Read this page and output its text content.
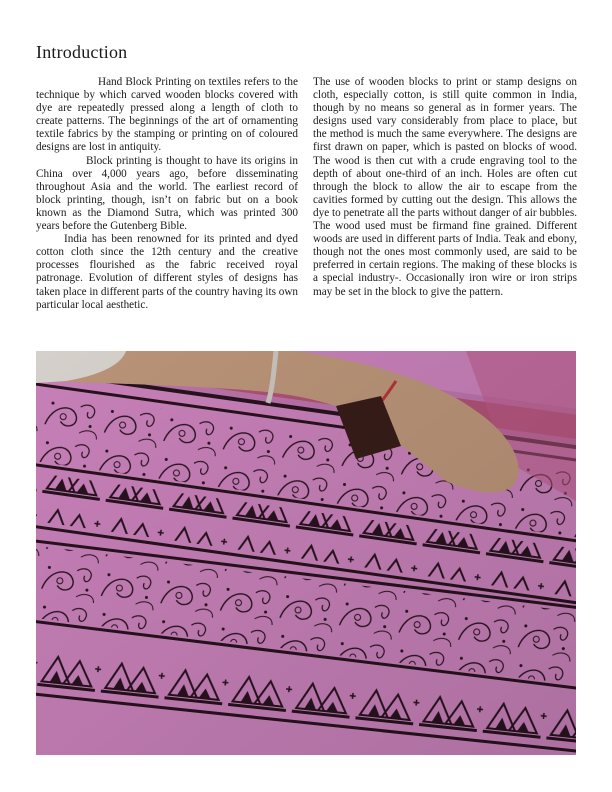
Introduction

Hand Block Printing on textiles refers to the technique by which carved wooden blocks covered with dye are repeatedly pressed along a length of cloth to create patterns. The beginnings of the art of ornamenting textile fabrics by the stamping or printing on of coloured designs are lost in antiquity.

Block printing is thought to have its origins in China over 4,000 years ago, before disseminating throughout Asia and the world. The earliest record of block printing, though, isn’t on fabric but on a book known as the Diamond Sutra, which was printed 300 years before the Gutenberg Bible.

India has been renowned for its printed and dyed cotton cloth since the 12th century and the creative processes flourished as the fabric received royal patronage. Evolution of different styles of designs has taken place in different parts of the country having its own particular local aesthetic.

The use of wooden blocks to print or stamp designs on cloth, especially cotton, is still quite common in India, though by no means so general as in former years. The designs used vary considerably from place to place, but the method is much the same everywhere. The designs are first drawn on paper, which is pasted on blocks of wood. The wood is then cut with a crude engraving tool to the depth of about one-third of an inch. Holes are often cut through the block to allow the air to escape from the cavities formed by cutting out the design. This allows the dye to penetrate all the parts without danger of air bubbles. The wood used must be firmand fine grained. Different woods are used in different parts of India. Teak and ebony, though not the ones most commonly used, are said to be preferred in certain regions. The making of these blocks is a special industry-. Occasionally iron wire or iron strips may be set in the block to give the pattern.
